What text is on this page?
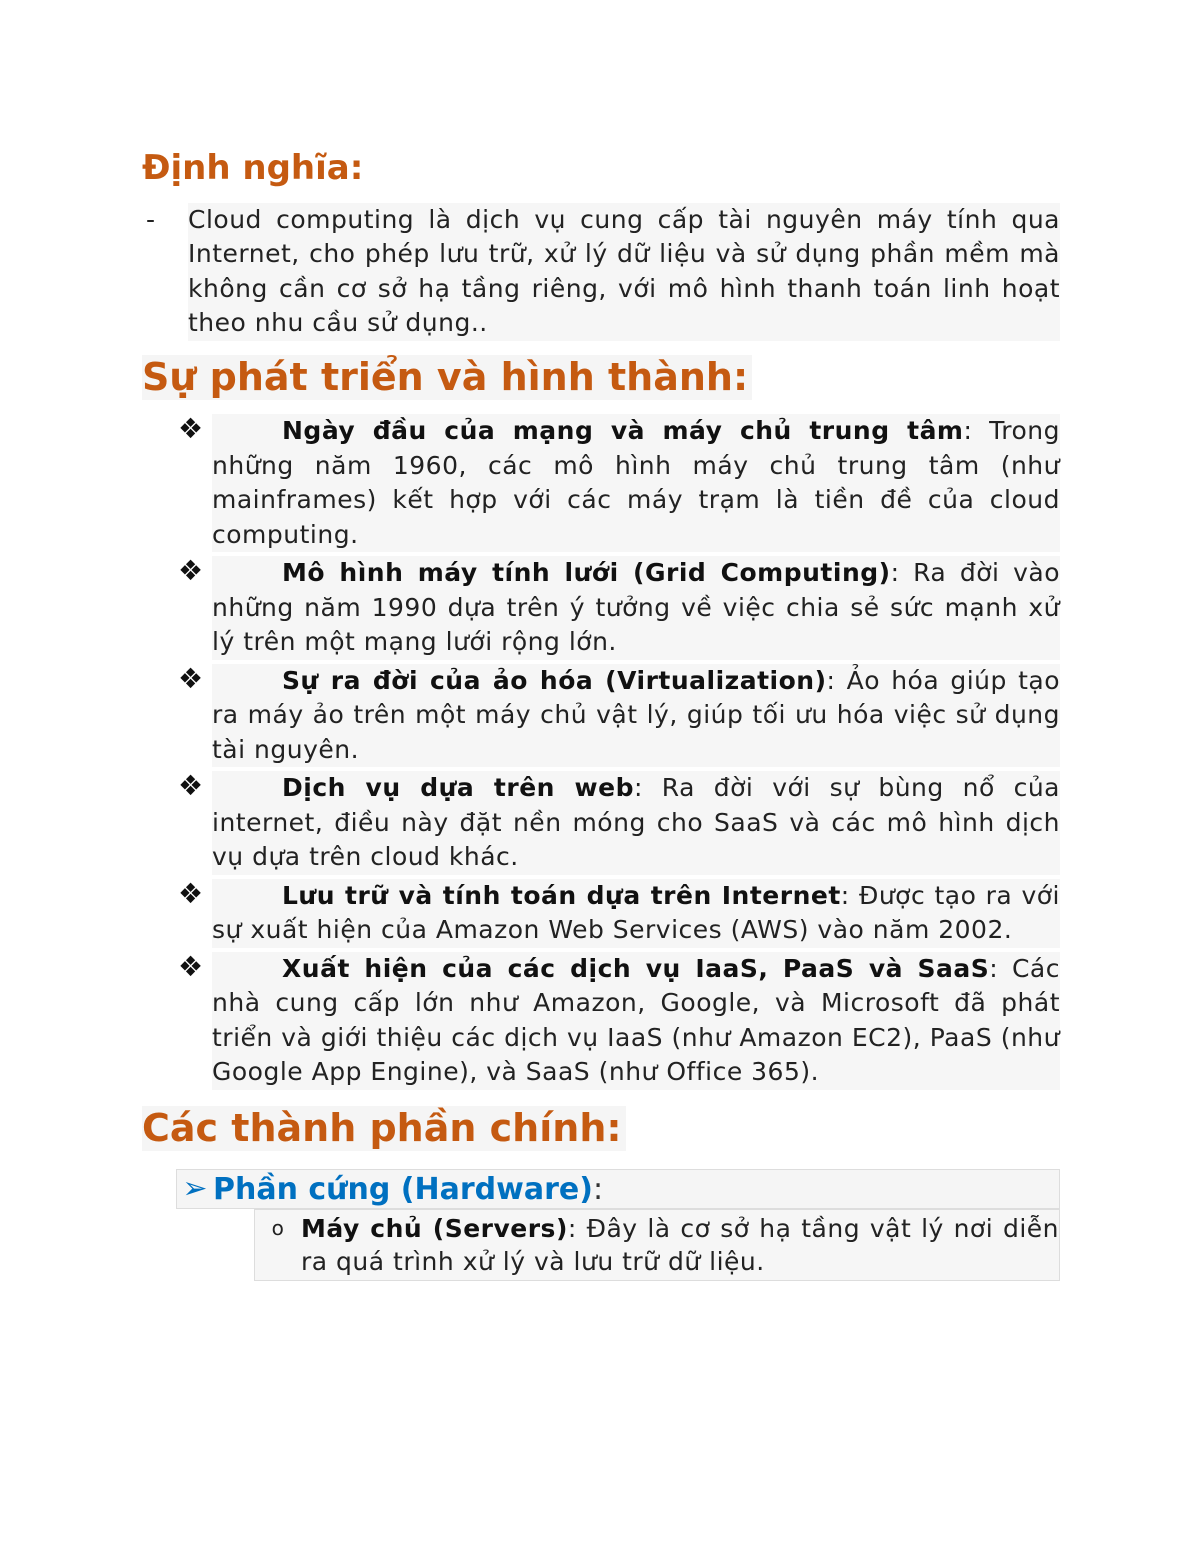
Định nghĩa:
-	Cloud computing là dịch vụ cung cấp tài nguyên máy tính qua Internet, cho phép lưu trữ, xử lý dữ liệu và sử dụng phần mềm mà không cần cơ sở hạ tầng riêng, với mô hình thanh toán linh hoạt theo nhu cầu sử dụng..
Sự phát triển và hình thành:
❖	Ngày đầu của mạng và máy chủ trung tâm: Trong những năm 1960, các mô hình máy chủ trung tâm (như mainframes) kết hợp với các máy trạm là tiền đề của cloud computing.
❖	Mô hình máy tính lưới (Grid Computing): Ra đời vào những năm 1990 dựa trên ý tưởng về việc chia sẻ sức mạnh xử lý trên một mạng lưới rộng lớn.
❖	Sự ra đời của ảo hóa (Virtualization): Ảo hóa giúp tạo ra máy ảo trên một máy chủ vật lý, giúp tối ưu hóa việc sử dụng tài nguyên.
❖	Dịch vụ dựa trên web: Ra đời với sự bùng nổ của internet, điều này đặt nền móng cho SaaS và các mô hình dịch vụ dựa trên cloud khác.
❖	Lưu trữ và tính toán dựa trên Internet: Được tạo ra với sự xuất hiện của Amazon Web Services (AWS) vào năm 2002.
❖	Xuất hiện của các dịch vụ IaaS, PaaS và SaaS: Các nhà cung cấp lớn như Amazon, Google, và Microsoft đã phát triển và giới thiệu các dịch vụ IaaS (như Amazon EC2), PaaS (như Google App Engine), và SaaS (như Office 365).
Các thành phần chính:
➢ Phần cứng (Hardware) :
o Máy chủ (Servers): Đây là cơ sở hạ tầng vật lý nơi diễn ra quá trình xử lý và lưu trữ dữ liệu.
